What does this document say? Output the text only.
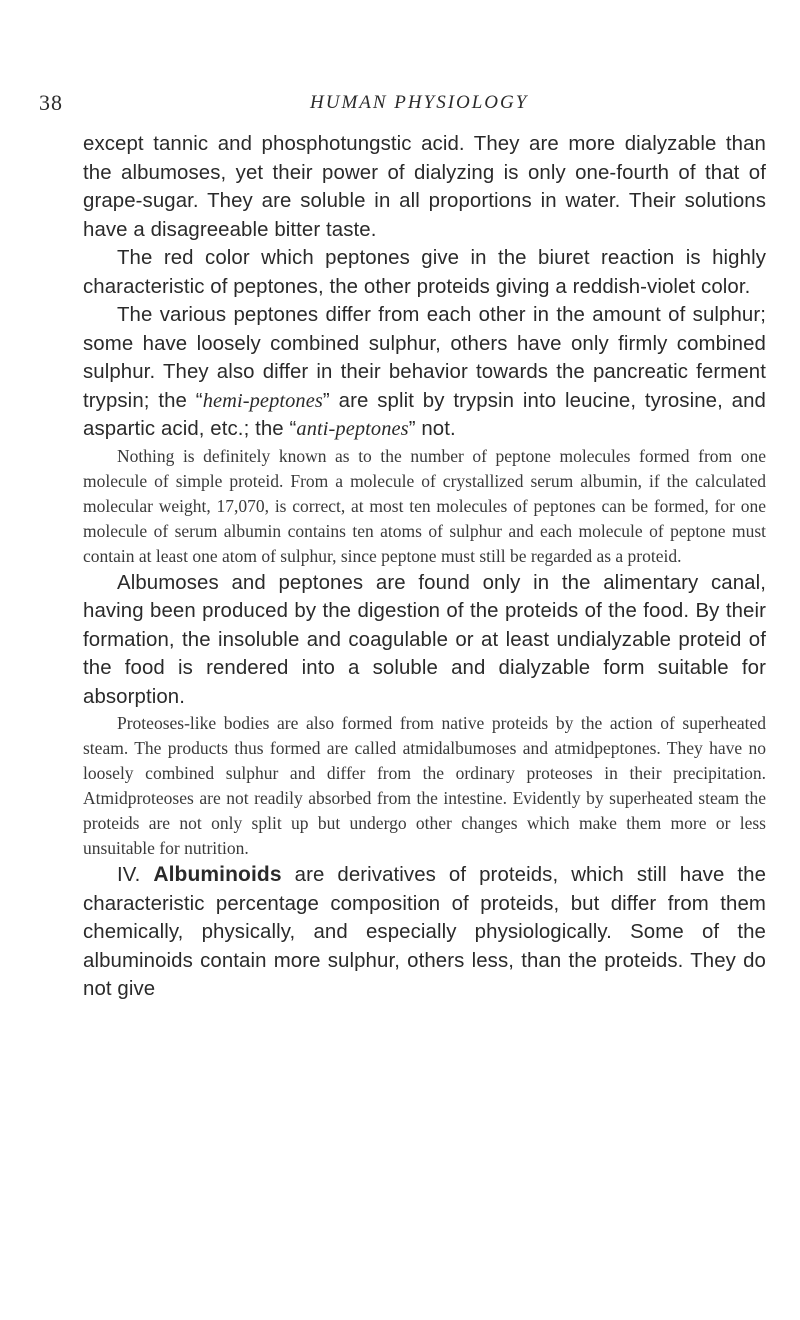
38	HUMAN PHYSIOLOGY

except tannic and phosphotungstic acid. They are more dialyzable than the albumoses, yet their power of dialyzing is only one-fourth of that of grape-sugar. They are soluble in all proportions in water. Their solutions have a disagreeable bitter taste.

The red color which peptones give in the biuret reaction is highly characteristic of peptones, the other proteids giving a reddish-violet color.

The various peptones differ from each other in the amount of sulphur; some have loosely combined sulphur, others have only firmly combined sulphur. They also differ in their behavior towards the pancreatic ferment trypsin; the “hemi-peptones” are split by trypsin into leucine, tyrosine, and aspartic acid, etc.; the “anti-peptones” not.

Nothing is definitely known as to the number of peptone molecules formed from one molecule of simple proteid. From a molecule of crystallized serum albumin, if the calculated molecular weight, 17,070, is correct, at most ten molecules of peptones can be formed, for one molecule of serum albumin contains ten atoms of sulphur and each molecule of peptone must contain at least one atom of sulphur, since peptone must still be regarded as a proteid.

Albumoses and peptones are found only in the alimentary canal, having been produced by the digestion of the proteids of the food. By their formation, the insoluble and coagulable or at least undialyzable proteid of the food is rendered into a soluble and dialyzable form suitable for absorption.

Proteoses-like bodies are also formed from native proteids by the action of superheated steam. The products thus formed are called atmidalbumoses and atmidpeptones. They have no loosely combined sulphur and differ from the ordinary proteoses in their precipitation. Atmidproteoses are not readily absorbed from the intestine. Evidently by superheated steam the proteids are not only split up but undergo other changes which make them more or less unsuitable for nutrition.

IV. Albuminoids are derivatives of proteids, which still have the characteristic percentage composition of proteids, but differ from them chemically, physically, and especially physiologically. Some of the albuminoids contain more sulphur, others less, than the proteids. They do not give
